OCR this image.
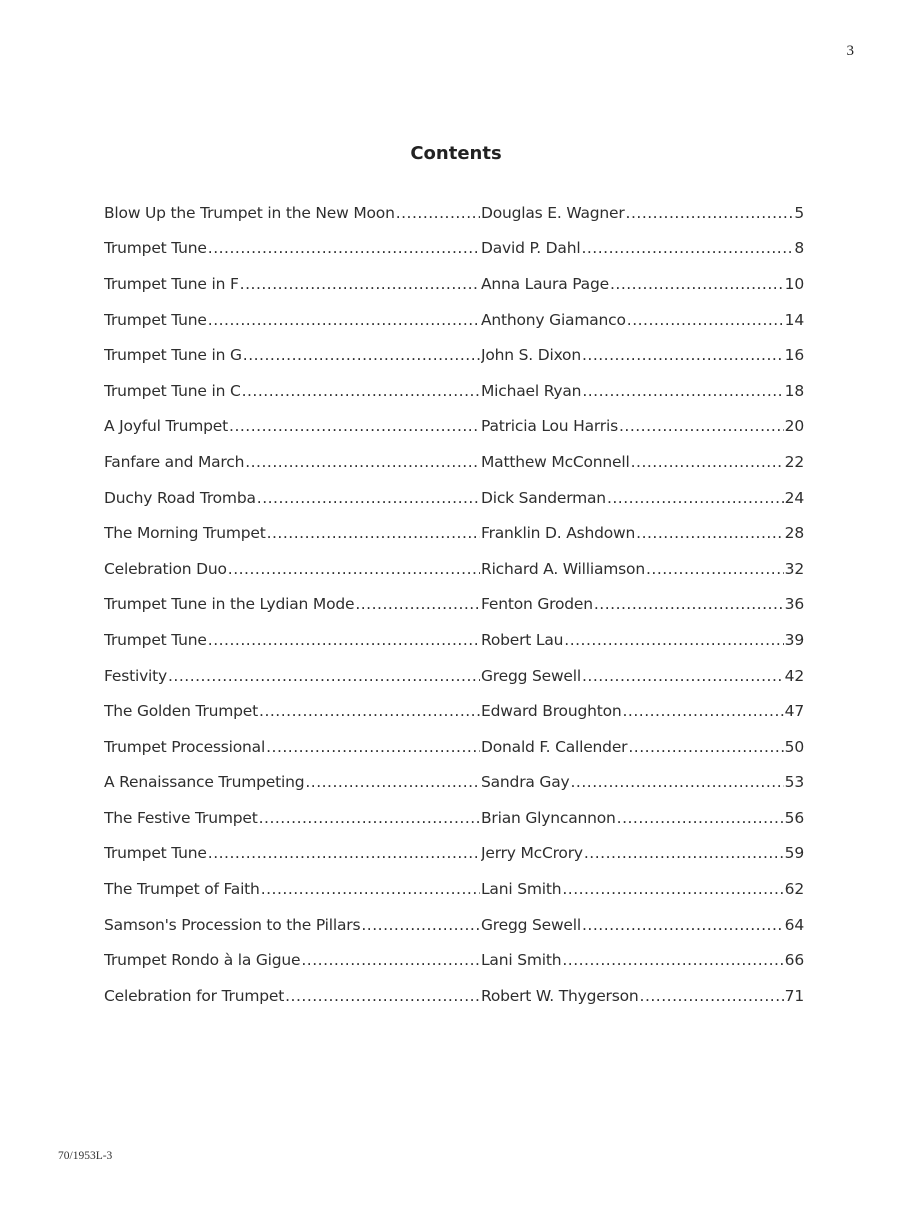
3
Contents
Blow Up the Trumpet in the New Moon .....	Douglas E. Wagner .....	5
Trumpet Tune .....	David P. Dahl .....	8
Trumpet Tune in F .....	Anna Laura Page .....	10
Trumpet Tune .....	Anthony Giamanco .....	14
Trumpet Tune in G .....	John S. Dixon .....	16
Trumpet Tune in C .....	Michael Ryan .....	18
A Joyful Trumpet .....	Patricia Lou Harris .....	20
Fanfare and March .....	Matthew McConnell .....	22
Duchy Road Tromba .....	Dick Sanderman .....	24
The Morning Trumpet .....	Franklin D. Ashdown .....	28
Celebration Duo .....	Richard A. Williamson .....	32
Trumpet Tune in the Lydian Mode .....	Fenton Groden .....	36
Trumpet Tune .....	Robert Lau .....	39
Festivity .....	Gregg Sewell .....	42
The Golden Trumpet .....	Edward Broughton .....	47
Trumpet Processional .....	Donald F. Callender .....	50
A Renaissance Trumpeting .....	Sandra Gay .....	53
The Festive Trumpet .....	Brian Glyncannon .....	56
Trumpet Tune .....	Jerry McCrory .....	59
The Trumpet of Faith .....	Lani Smith .....	62
Samson's Procession to the Pillars .....	Gregg Sewell .....	64
Trumpet Rondo à la Gigue .....	Lani Smith .....	66
Celebration for Trumpet .....	Robert W. Thygerson .....	71
70/1953L-3
